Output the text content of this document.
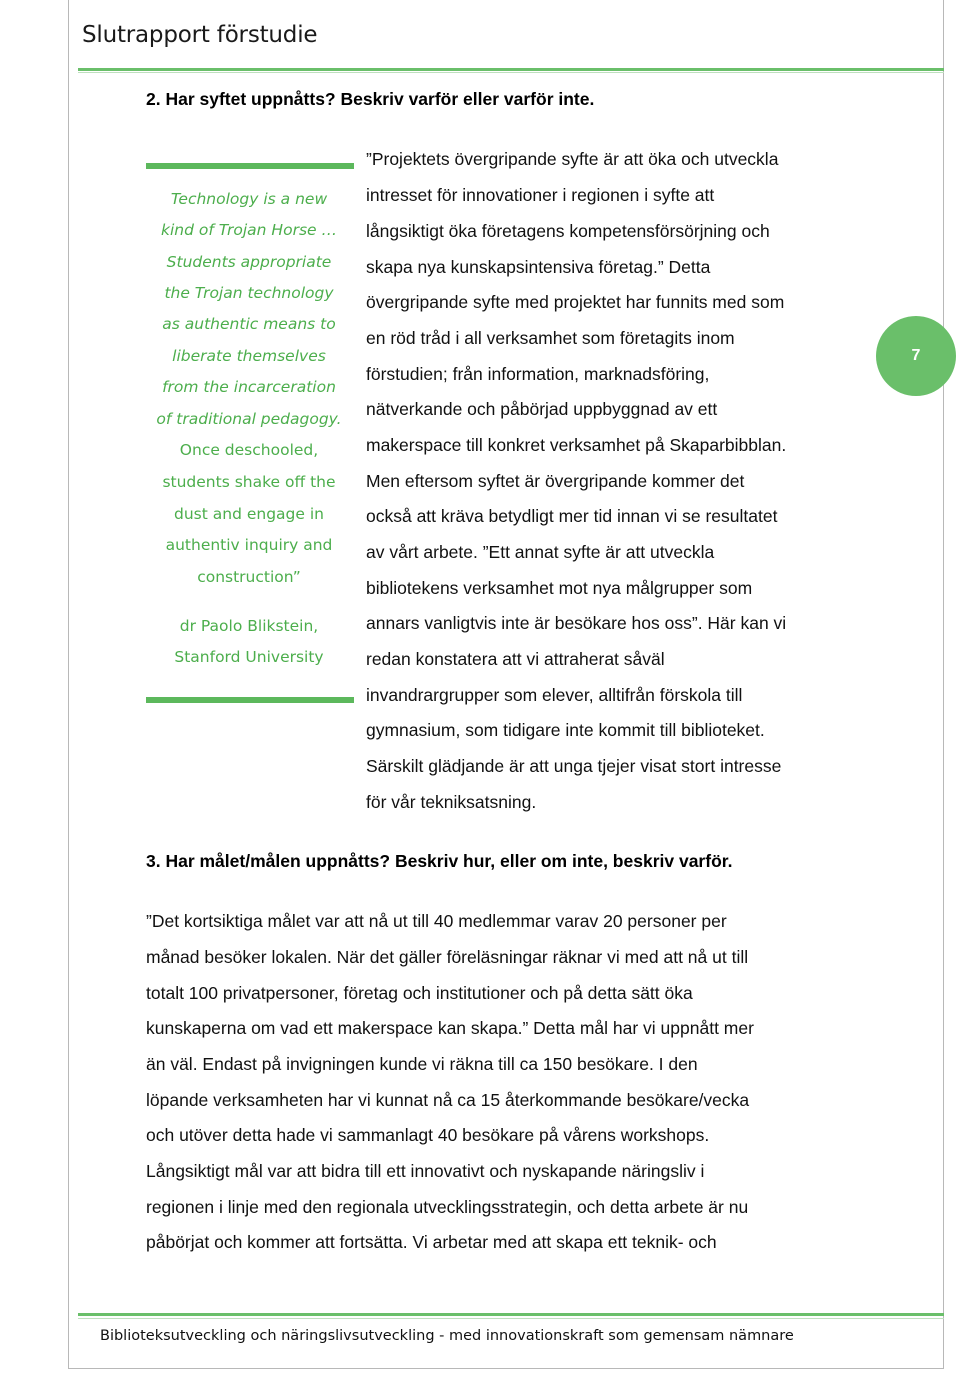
Slutrapport förstudie
2. Har syftet uppnåtts? Beskriv varför eller varför inte.
Technology is a new
kind of Trojan Horse …
Students appropriate
the Trojan technology
as authentic means to
liberate themselves
from the incarceration
of traditional pedagogy.
Once deschooled,
students shake off the
dust and engage in
authentiv inquiry and
construction”
dr Paolo Blikstein,
Stanford University
”Projektets övergripande syfte är att öka och utveckla
intresset för innovationer i regionen i syfte att
långsiktigt öka företagens kompetensförsörjning och
skapa nya kunskapsintensiva företag.” Detta
övergripande syfte med projektet har funnits med som
en röd tråd i all verksamhet som företagits inom
förstudien; från information, marknadsföring,
nätverkande och påbörjad uppbyggnad av ett
makerspace till konkret verksamhet på Skaparbibblan.
Men eftersom syftet är övergripande kommer det
också att kräva betydligt mer tid innan vi se resultatet
av vårt arbete. ”Ett annat syfte är att utveckla
bibliotekens verksamhet mot nya målgrupper som
annars vanligtvis inte är besökare hos oss”. Här kan vi
redan konstatera att vi attraherat såväl
invandrargrupper som elever, alltifrån förskola till
gymnasium, som tidigare inte kommit till biblioteket.
Särskilt glädjande är att unga tjejer visat stort intresse
för vår tekniksatsning.
7
3. Har målet/målen uppnåtts? Beskriv hur, eller om inte, beskriv varför.
”Det kortsiktiga målet var att nå ut till 40 medlemmar varav 20 personer per
månad besöker lokalen. När det gäller föreläsningar räknar vi med att nå ut till
totalt 100 privatpersoner, företag och institutioner och på detta sätt öka
kunskaperna om vad ett makerspace kan skapa.” Detta mål har vi uppnått mer
än väl. Endast på invigningen kunde vi räkna till ca 150 besökare. I den
löpande verksamheten har vi kunnat nå ca 15 återkommande besökare/vecka
och utöver detta hade vi sammanlagt 40 besökare på vårens workshops.
Långsiktigt mål var att bidra till ett innovativt och nyskapande näringsliv i
regionen i linje med den regionala utvecklingsstrategin, och detta arbete är nu
påbörjat och kommer att fortsätta. Vi arbetar med att skapa ett teknik- och
Biblioteksutveckling och näringslivsutveckling - med innovationskraft som gemensam nämnare
